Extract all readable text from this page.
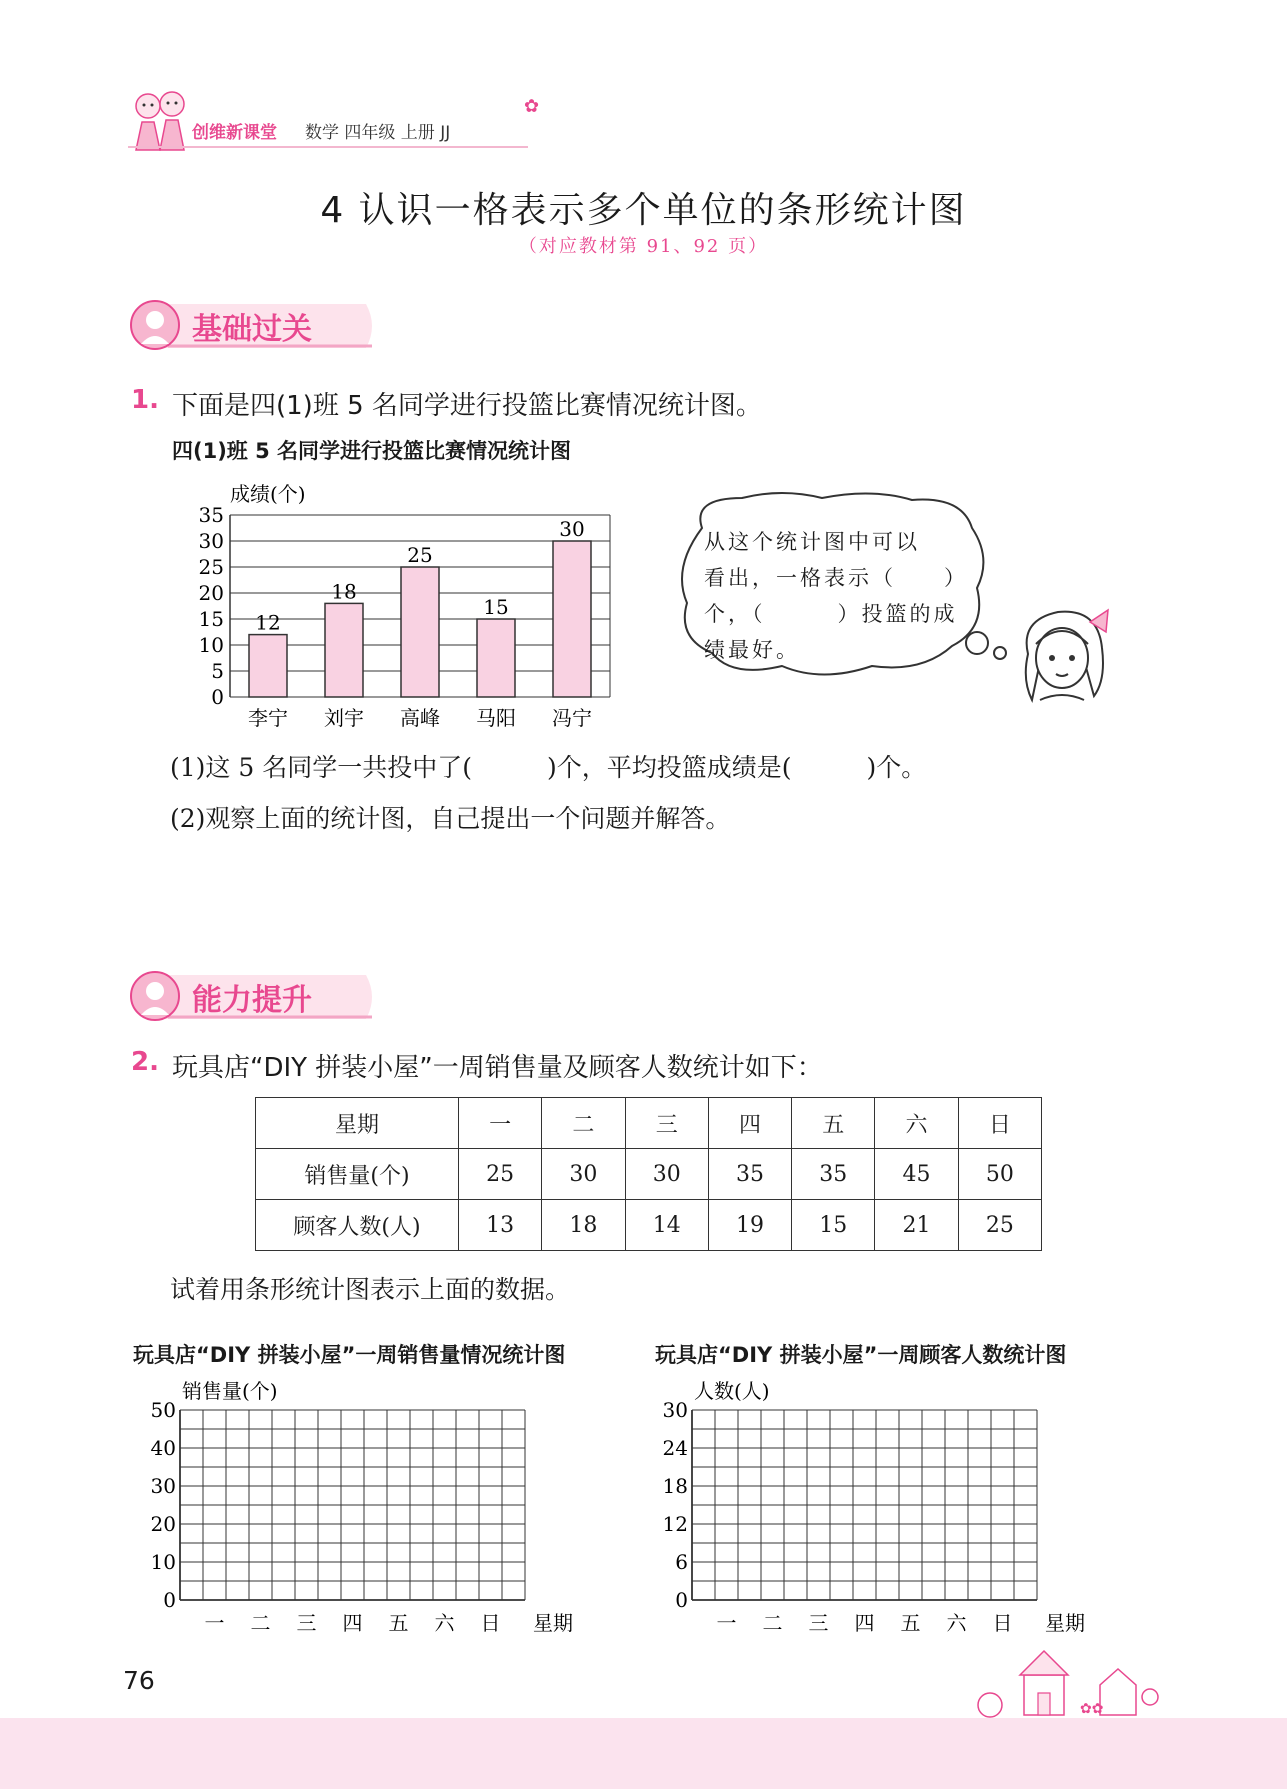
创维新课堂 数学 四年级 上册 JJ
✿
4 认识一格表示多个单位的条形统计图
（对应教材第 91、92 页）
基础过关
1. 下面是四(1)班 5 名同学进行投篮比赛情况统计图。
四(1)班 5 名同学进行投篮比赛情况统计图
成绩(个)
0
5
10
15
20
25
30
35
12
李宁
18
刘宇
25
高峰
15
马阳
30
冯宁
从这个统计图中可以
看出，一格表示（　　）
个，（　　　）投篮的成
绩最好。
(1)这 5 名同学一共投中了(　　　)个，平均投篮成绩是(　　　)个。
(2)观察上面的统计图，自己提出一个问题并解答。
能力提升
2. 玩具店“DIY 拼装小屋”一周销售量及顾客人数统计如下：
星期	一	二	三	四	五	六	日
销售量(个)	25	30	30	35	35	45	50
顾客人数(人)	13	18	14	19	15	21	25
试着用条形统计图表示上面的数据。
玩具店“DIY 拼装小屋”一周销售量情况统计图	玩具店“DIY 拼装小屋”一周顾客人数统计图
销售量(个)
0
10
20
30
40
50
一 二 三 四 五 六 日 星期
人数(人)
0
6
12
18
24
30
一 二 三 四 五 六 日 星期
76
✿✿
